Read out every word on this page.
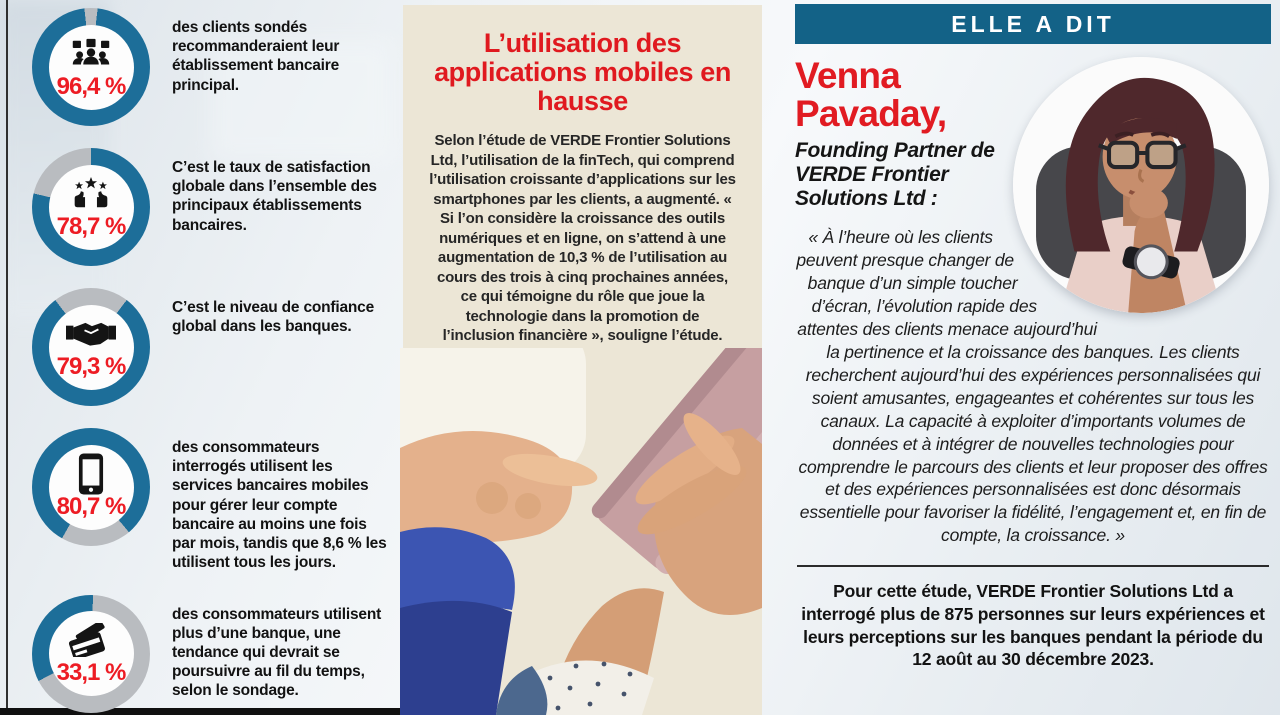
96,4 %

des clients sondés recommanderaient leur établissement bancaire principal.

78,7 %

C’est le taux de satisfaction globale dans l’ensemble des principaux établissements bancaires.

79,3 %

C’est le niveau de confiance global dans les banques.

80,7 %

des consommateurs interrogés utilisent les services bancaires mobiles pour gérer leur compte bancaire au moins une fois par mois, tandis que 8,6 % les utilisent tous les jours.

33,1 %

des consommateurs utilisent plus d’une banque, une tendance qui devrait se poursuivre au fil du temps, selon le sondage.

L’utilisation des applications mobiles en hausse

Selon l’étude de VERDE Frontier Solutions Ltd, l’utilisation de la finTech, qui comprend l’utilisation croissante d’applications sur les smartphones par les clients, a augmenté. « Si l’on considère la croissance des outils numériques et en ligne, on s’attend à une augmentation de 10,3 % de l’utilisation au cours des trois à cinq prochaines années, ce qui témoigne du rôle que joue la technologie dans la promotion de l’inclusion financière », souligne l’étude.

ELLE A DIT
Venna Pavaday,
Founding Partner de VERDE Frontier Solutions Ltd :

« À l’heure où les clients peuvent presque changer de banque d’un simple toucher d’écran, l’évolution rapide des attentes des clients menace aujourd’hui la pertinence et la croissance des banques. Les clients recherchent aujourd’hui des expériences personnalisées qui soient amusantes, engageantes et cohérentes sur tous les canaux. La capacité à exploiter d’importants volumes de données et à intégrer de nouvelles technologies pour comprendre le parcours des clients et leur proposer des offres et des expériences personnalisées est donc désormais essentielle pour favoriser la fidélité, l’engagement et, en fin de compte, la croissance. »

Pour cette étude, VERDE Frontier Solutions Ltd a interrogé plus de 875 personnes sur leurs expériences et leurs perceptions sur les banques pendant la période du 12 août au 30 décembre 2023.
